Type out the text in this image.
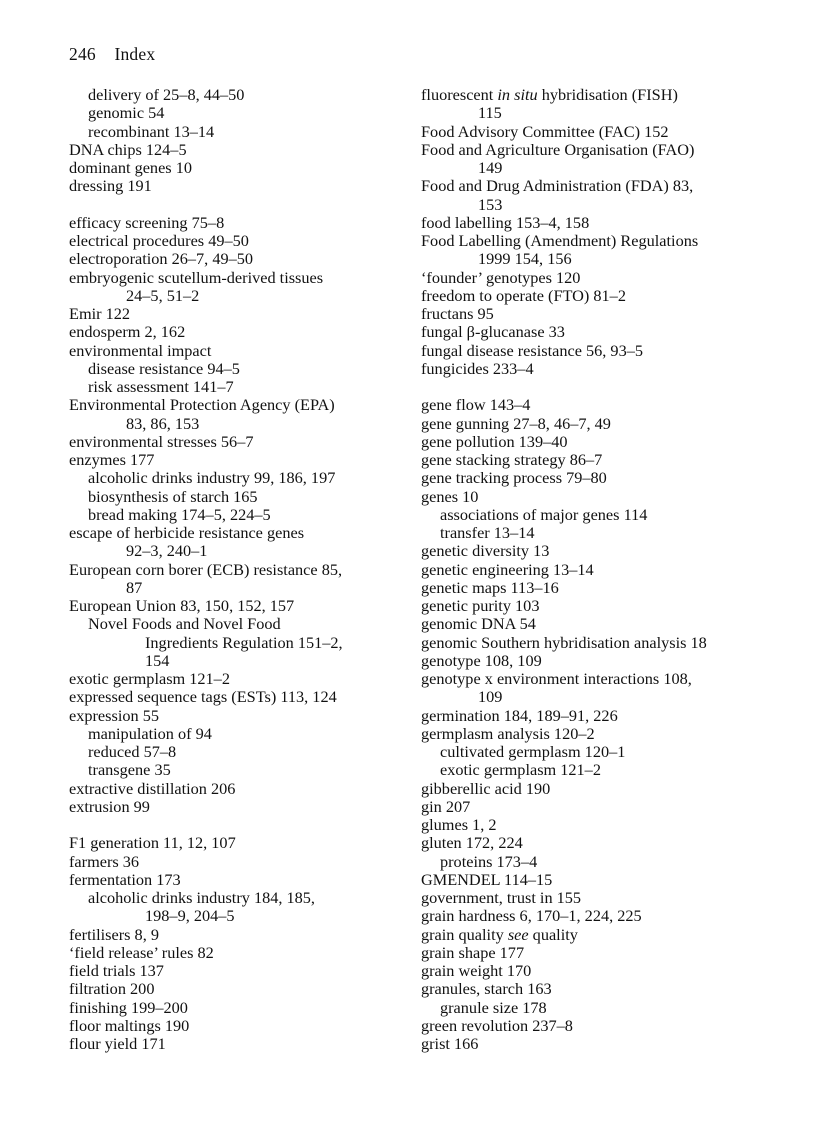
246 Index
delivery of 25–8, 44–50
genomic 54
recombinant 13–14
DNA chips 124–5
dominant genes 10
dressing 191
efficacy screening 75–8
electrical procedures 49–50
electroporation 26–7, 49–50
embryogenic scutellum-derived tissues
24–5, 51–2
Emir 122
endosperm 2, 162
environmental impact
disease resistance 94–5
risk assessment 141–7
Environmental Protection Agency (EPA)
83, 86, 153
environmental stresses 56–7
enzymes 177
alcoholic drinks industry 99, 186, 197
biosynthesis of starch 165
bread making 174–5, 224–5
escape of herbicide resistance genes
92–3, 240–1
European corn borer (ECB) resistance 85,
87
European Union 83, 150, 152, 157
Novel Foods and Novel Food
Ingredients Regulation 151–2,
154
exotic germplasm 121–2
expressed sequence tags (ESTs) 113, 124
expression 55
manipulation of 94
reduced 57–8
transgene 35
extractive distillation 206
extrusion 99
F1 generation 11, 12, 107
farmers 36
fermentation 173
alcoholic drinks industry 184, 185,
198–9, 204–5
fertilisers 8, 9
‘field release’ rules 82
field trials 137
filtration 200
finishing 199–200
floor maltings 190
flour yield 171
fluorescent in situ hybridisation (FISH)
115
Food Advisory Committee (FAC) 152
Food and Agriculture Organisation (FAO)
149
Food and Drug Administration (FDA) 83,
153
food labelling 153–4, 158
Food Labelling (Amendment) Regulations
1999 154, 156
‘founder’ genotypes 120
freedom to operate (FTO) 81–2
fructans 95
fungal β-glucanase 33
fungal disease resistance 56, 93–5
fungicides 233–4
gene flow 143–4
gene gunning 27–8, 46–7, 49
gene pollution 139–40
gene stacking strategy 86–7
gene tracking process 79–80
genes 10
associations of major genes 114
transfer 13–14
genetic diversity 13
genetic engineering 13–14
genetic maps 113–16
genetic purity 103
genomic DNA 54
genomic Southern hybridisation analysis 18
genotype 108, 109
genotype x environment interactions 108,
109
germination 184, 189–91, 226
germplasm analysis 120–2
cultivated germplasm 120–1
exotic germplasm 121–2
gibberellic acid 190
gin 207
glumes 1, 2
gluten 172, 224
proteins 173–4
GMENDEL 114–15
government, trust in 155
grain hardness 6, 170–1, 224, 225
grain quality see quality
grain shape 177
grain weight 170
granules, starch 163
granule size 178
green revolution 237–8
grist 166
